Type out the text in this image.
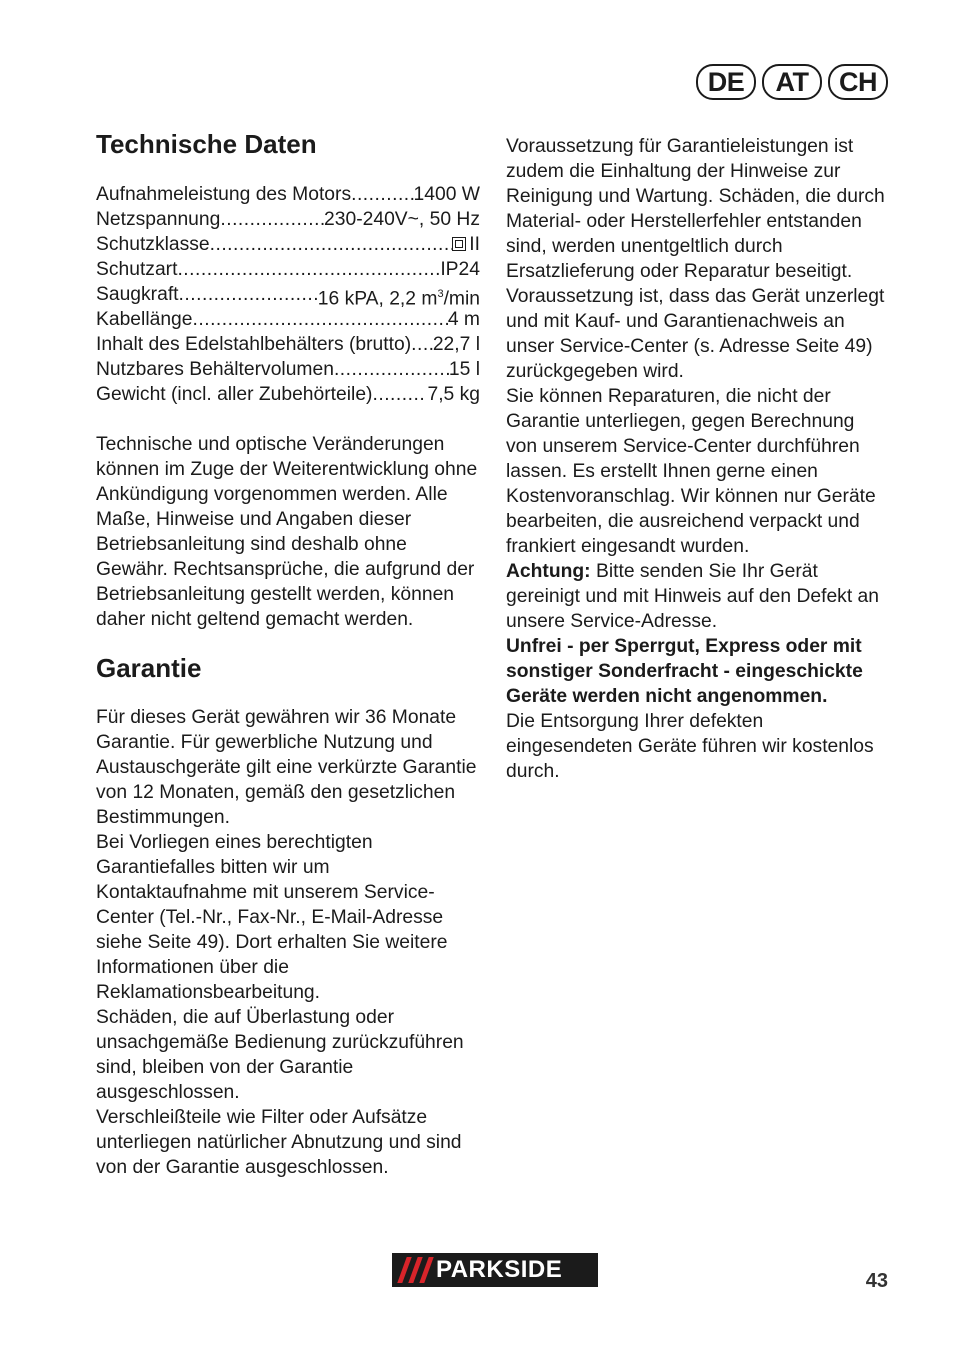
DE	AT	CH
Technische Daten
Aufnahmeleistung des Motors .....	1400 W
Netzspannung .....	230-240V~, 50 Hz
Schutzklasse .....	II
Schutzart .....	IP24
Saugkraft .....	16 kPA, 2,2 $m^3/\min$
Kabellänge .....	4 m
Inhalt des Edelstahlbehälters (brutto) ..... 22,7 l
Nutzbares Behältervolumen .....	15 l
Gewicht (incl. aller Zubehörteile) .....	7,5 kg

Technische und optische Veränderungen können im Zuge der Weiterentwicklung ohne Ankündigung vorgenommen werden. Alle Maße, Hinweise und Angaben dieser Betriebsanleitung sind deshalb ohne Gewähr. Rechtsansprüche, die aufgrund der Betriebsanleitung gestellt werden, können daher nicht geltend gemacht werden.

Garantie

Für dieses Gerät gewähren wir 36 Monate Garantie. Für gewerbliche Nutzung und Austauschgeräte gilt eine verkürzte Garantie von 12 Monaten, gemäß den gesetzlichen Bestimmungen.

Bei Vorliegen eines berechtigten Garantiefalles bitten wir um Kontaktaufnahme mit unserem Service-Center (Tel.-Nr., Fax-Nr., E-Mail-Adresse siehe Seite 49). Dort erhalten Sie weitere Informationen über die Reklamationsbearbeitung.

Schäden, die auf Überlastung oder unsachgemäße Bedienung zurückzuführen sind, bleiben von der Garantie ausgeschlossen.

Verschleißteile wie Filter oder Aufsätze unterliegen natürlicher Abnutzung und sind von der Garantie ausgeschlossen.

Voraussetzung für Garantieleistungen ist zudem die Einhaltung der Hinweise zur Reinigung und Wartung. Schäden, die durch Material- oder Herstellerfehler entstanden sind, werden unentgeltlich durch Ersatzlieferung oder Reparatur beseitigt. Voraussetzung ist, dass das Gerät unzerlegt und mit Kauf- und Garantienachweis an unser Service-Center (s. Adresse Seite 49) zurückgegeben wird.

Sie können Reparaturen, die nicht der Garantie unterliegen, gegen Berechnung von unserem Service-Center durchführen lassen. Es erstellt Ihnen gerne einen Kostenvoranschlag. Wir können nur Geräte bearbeiten, die ausreichend verpackt und frankiert eingesandt wurden.

Achtung: Bitte senden Sie Ihr Gerät gereinigt und mit Hinweis auf den Defekt an unsere Service-Adresse.

Unfrei - per Sperrgut, Express oder mit sonstiger Sonderfracht - eingeschickte Geräte werden nicht angenommen.

Die Entsorgung Ihrer defekten eingesendeten Geräte führen wir kostenlos durch.

PARKSIDE	43
